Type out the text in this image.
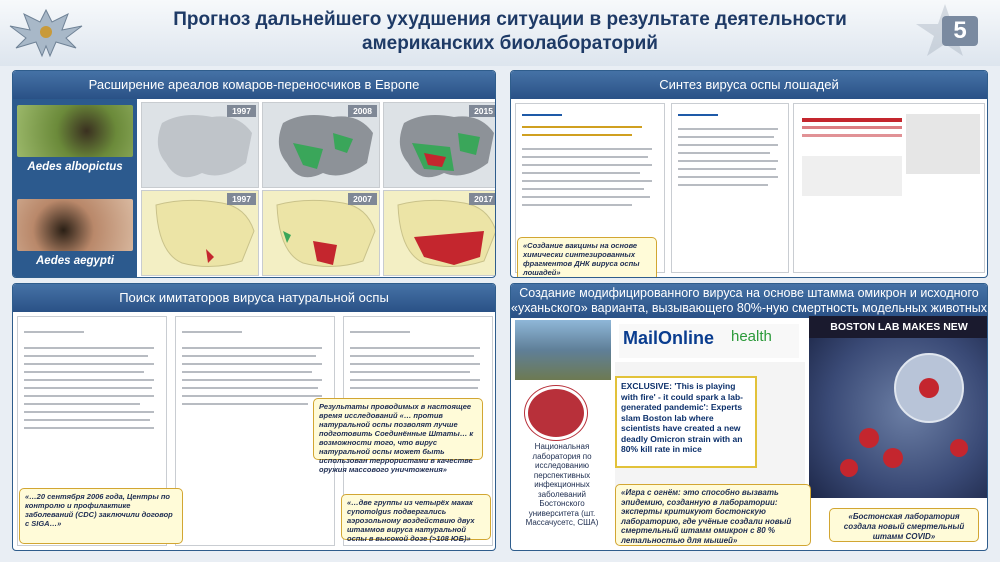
Прогноз дальнейшего ухудшения ситуации в результате деятельности
американских биолабораторий	5
Расширение ареалов комаров-переносчиков в Европе
Aedes albopictus
Aedes aegypti
1997	2008	2015
1997	2007	2017
Синтез вируса оспы лошадей
«Создание вакцины на основе химически синтезированных фрагментов ДНК вируса оспы лошадей»
Поиск имитаторов вируса натуральной оспы
Результаты проводимых в настоящее время исследований «… против натуральной оспы позволят лучше подготовить Соединённые Штаты… к возможности того, что вирус натуральной оспы может быть использован террористами в качестве оружия массового уничтожения»
«…20 сентября 2006 года, Центры по контролю и профилактике заболеваний (CDC) заключили договор с SIGA…»
«…две группы из четырёх макак cynomolgus подвергались аэрозольному воздействию двух штаммов вируса натуральной оспы в высокой дозе (>108 ЮБ)»
Создание модифицированного вируса на основе штамма омикрон и исходного
«уханьского» варианта, вызывающего 80%-ную смертность модельных животных
Национальная лаборатория по исследованию перспективных инфекционных заболеваний Бостонского университета (шт. Массачусетс, США)
MailOnline health
EXCLUSIVE: 'This is playing with fire' - it could spark a lab-generated pandemic': Experts slam Boston lab where scientists have created a new deadly Omicron strain with an 80% kill rate in mice
BOSTON LAB MAKES NEW
«Игра с огнём: это способно вызвать эпидемию, созданную в лаборатории: эксперты критикуют бостонскую лабораторию, где учёные создали новый смертельный штамм омикрон с 80 % летальностью для мышей»
«Бостонская лаборатория создала новый смертельный штамм COVID»
